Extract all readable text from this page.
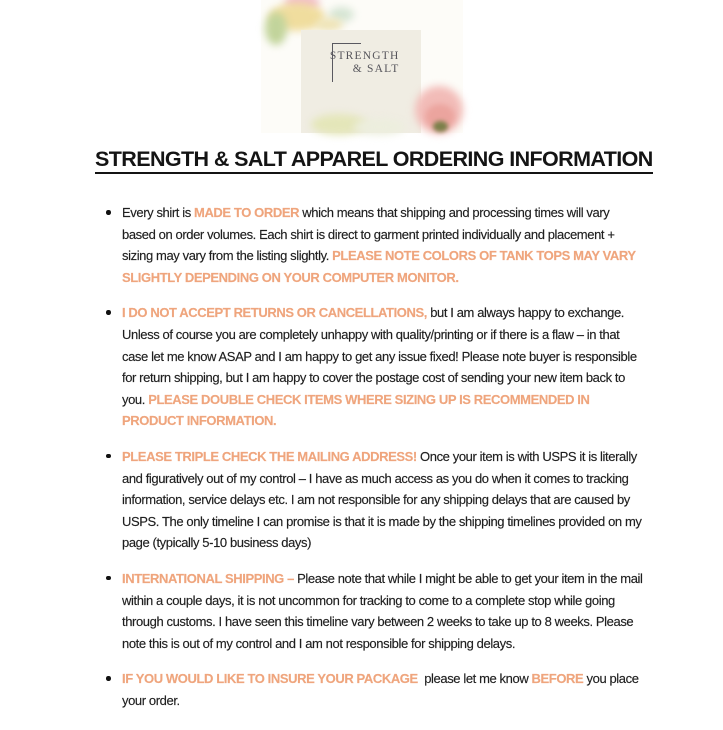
STRENGTH
& SALT
STRENGTH & SALT APPAREL ORDERING INFORMATION
Every shirt is MADE TO ORDER which means that shipping and processing times will vary based on order volumes. Each shirt is direct to garment printed individually and placement + sizing may vary from the listing slightly. PLEASE NOTE COLORS OF TANK TOPS MAY VARY SLIGHTLY DEPENDING ON YOUR COMPUTER MONITOR.
I DO NOT ACCEPT RETURNS OR CANCELLATIONS, but I am always happy to exchange. Unless of course you are completely unhappy with quality/printing or if there is a flaw – in that case let me know ASAP and I am happy to get any issue fixed! Please note buyer is responsible for return shipping, but I am happy to cover the postage cost of sending your new item back to you. PLEASE DOUBLE CHECK ITEMS WHERE SIZING UP IS RECOMMENDED IN PRODUCT INFORMATION.
PLEASE TRIPLE CHECK THE MAILING ADDRESS! Once your item is with USPS it is literally and figuratively out of my control – I have as much access as you do when it comes to tracking information, service delays etc. I am not responsible for any shipping delays that are caused by USPS. The only timeline I can promise is that it is made by the shipping timelines provided on my page (typically 5-10 business days)
INTERNATIONAL SHIPPING – Please note that while I might be able to get your item in the mail within a couple days, it is not uncommon for tracking to come to a complete stop while going through customs. I have seen this timeline vary between 2 weeks to take up to 8 weeks. Please note this is out of my control and I am not responsible for shipping delays.
IF YOU WOULD LIKE TO INSURE YOUR PACKAGE  please let me know BEFORE you place your order.
